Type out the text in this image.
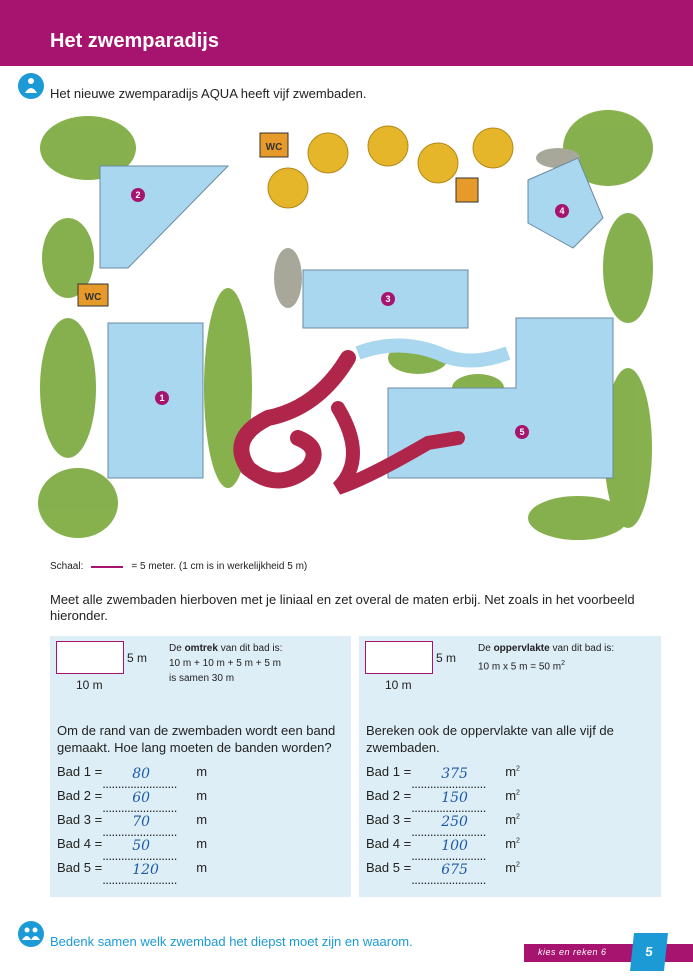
Het zwemparadijs
Het nieuwe zwemparadijs AQUA heeft vijf zwembaden.
WC
WC
2
3
4
1
5
Schaal:	= 5 meter. (1 cm is in werkelijkheid 5 m)
Meet alle zwembaden hierboven met je liniaal en zet overal de maten erbij. Net zoals in het voorbeeld hieronder.
5 m
10 m
De omtrek van dit bad is:
10 m + 10 m + 5 m + 5 m
is samen 30 m
Om de rand van de zwembaden wordt een band gemaakt. Hoe lang moeten de banden worden?
Bad 1 = 80	m
Bad 2 = 60	m
Bad 3 = 70	m
Bad 4 = 50	m
Bad 5 = 120	m
5 m
10 m
De oppervlakte van dit bad is:
10 m x 5 m = 50 $m^2$
Bereken ook de oppervlakte van alle vijf de zwembaden.
Bad 1 = 375	$m^2$
Bad 2 = 150	$m^2$
Bad 3 = 250	$m^2$
Bad 4 = 100	$m^2$
Bad 5 = 675	$m^2$
Bedenk samen welk zwembad het diepst moet zijn en waarom.
kies en reken 6	5
